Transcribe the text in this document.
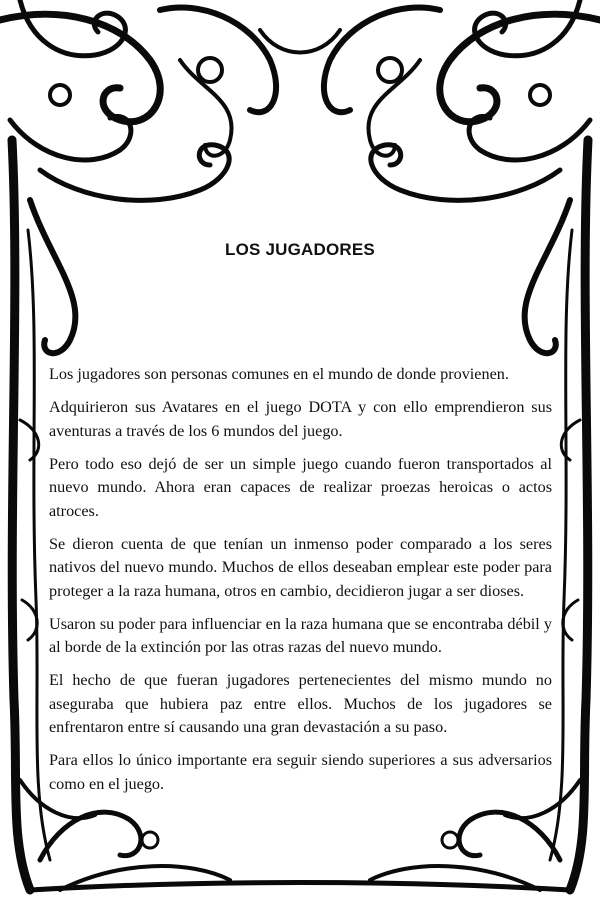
LOS JUGADORES

Los jugadores son personas comunes en el mundo de donde provienen.

Adquirieron sus Avatares en el juego DOTA y con ello emprendieron sus aventuras a través de los 6 mundos del juego.

Pero todo eso dejó de ser un simple juego cuando fueron transportados al nuevo mundo. Ahora eran capaces de realizar proezas heroicas o actos atroces.

Se dieron cuenta de que tenían un inmenso poder comparado a los seres nativos del nuevo mundo. Muchos de ellos deseaban emplear este poder para proteger a la raza humana, otros en cambio, decidieron jugar a ser dioses.

Usaron su poder para influenciar en la raza humana que se encontraba débil y al borde de la extinción por las otras razas del nuevo mundo.

El hecho de que fueran jugadores pertenecientes del mismo mundo no aseguraba que hubiera paz entre ellos. Muchos de los jugadores se enfrentaron entre sí causando una gran devastación a su paso.

Para ellos lo único importante era seguir siendo superiores a sus adversarios como en el juego.
